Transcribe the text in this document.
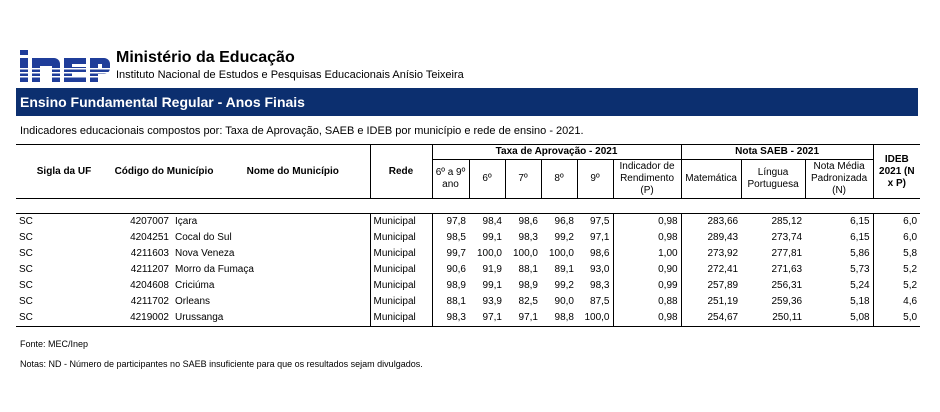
Ministério da Educação
Instituto Nacional de Estudos e Pesquisas Educacionais Anísio Teixeira
Ensino Fundamental Regular - Anos Finais
Indicadores educacionais compostos por: Taxa de Aprovação, SAEB e IDEB por município e rede de ensino - 2021.
Sigla da UF	Código do Município		Nome do Município	Rede	Taxa de Aprovação - 2021						Nota SAEB - 2021			IDEB 2021 (N x P)
					6º a 9º ano	6º	7º	8º	9º	Indicador de Rendimento (P)	Matemática	Língua Portuguesa	Nota Média Padronizada (N)	

SC	4207007	Içara		Municipal	97,8	98,4	98,6	96,8	97,5	0,98	283,66	285,12	6,15	6,0
SC	4204251	Cocal do Sul		Municipal	98,5	99,1	98,3	99,2	97,1	0,98	289,43	273,74	6,15	6,0
SC	4211603	Nova Veneza		Municipal	99,7	100,0	100,0	100,0	98,6	1,00	273,92	277,81	5,86	5,8
SC	4211207	Morro da Fumaça		Municipal	90,6	91,9	88,1	89,1	93,0	0,90	272,41	271,63	5,73	5,2
SC	4204608	Criciúma		Municipal	98,9	99,1	98,9	99,2	98,3	0,99	257,89	256,31	5,24	5,2
SC	4211702	Orleans		Municipal	88,1	93,9	82,5	90,0	87,5	0,88	251,19	259,36	5,18	4,6
SC	4219002	Urussanga		Municipal	98,3	97,1	97,1	98,8	100,0	0,98	254,67	250,11	5,08	5,0
Fonte: MEC/Inep
Notas: ND - Número de participantes no SAEB insuficiente para que os resultados sejam divulgados.
